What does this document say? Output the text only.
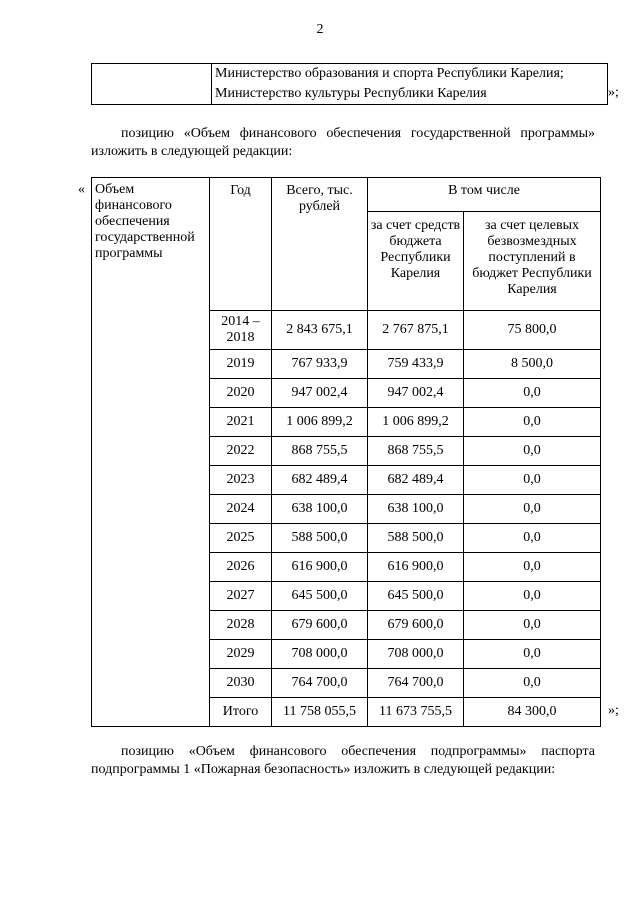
2

Министерство образования и спорта Республики Карелия;
Министерство культуры Республики Карелия	»;
позицию «Объем финансового обеспечения государственной программы» изложить в следующей редакции:
« Объем финансового обеспечения государственной программы	Год	Всего, тыс. рублей	В том числе	
			за счет средств бюджета Республики Карелия	за счет целевых безвозмездных поступлений в бюджет Республики Карелия
	2014 – 2018	2 843 675,1	2 767 875,1	75 800,0
	2019	767 933,9	759 433,9	8 500,0
	2020	947 002,4	947 002,4	0,0
	2021	1 006 899,2	1 006 899,2	0,0
	2022	868 755,5	868 755,5	0,0
	2023	682 489,4	682 489,4	0,0
	2024	638 100,0	638 100,0	0,0
	2025	588 500,0	588 500,0	0,0
	2026	616 900,0	616 900,0	0,0
	2027	645 500,0	645 500,0	0,0
	2028	679 600,0	679 600,0	0,0
	2029	708 000,0	708 000,0	0,0
	2030	764 700,0	764 700,0	0,0
	Итого	11 758 055,5	11 673 755,5	84 300,0	»;
позицию «Объем финансового обеспечения подпрограммы» паспорта подпрограммы 1 «Пожарная безопасность» изложить в следующей редакции:
